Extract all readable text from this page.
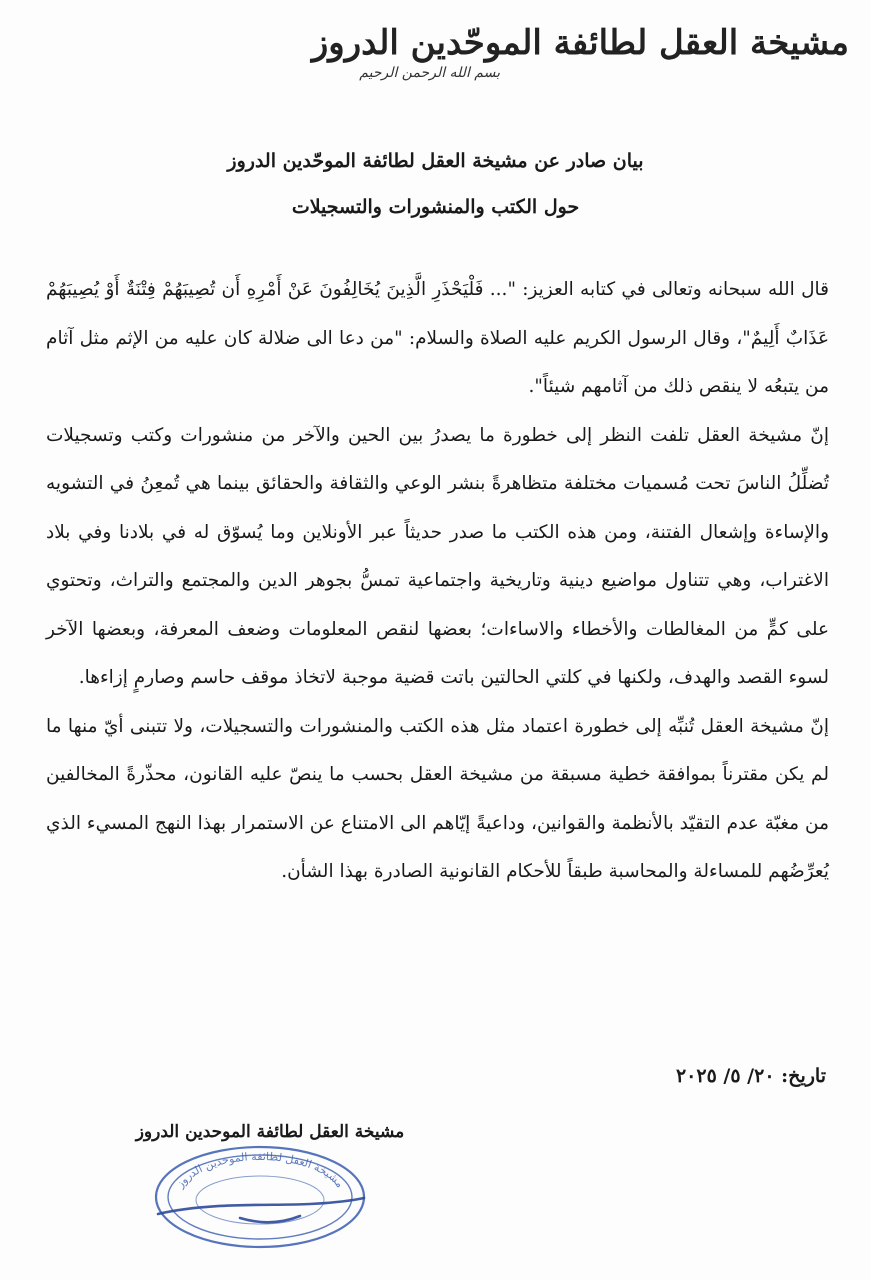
مشيخة العقل لطائفة الموحّدين الدروز
بسم الله الرحمن الرحيم
بيان صادر عن مشيخة العقل لطائفة الموحّدين الدروز
حول الكتب والمنشورات والتسجيلات

قال الله سبحانه وتعالى في كتابه العزيز: "... فَلْيَحْذَرِ الَّذِينَ يُخَالِفُونَ عَنْ أَمْرِهِ أَن تُصِيبَهُمْ فِتْنَةٌ أَوْ يُصِيبَهُمْ عَذَابٌ أَلِيمٌ"، وقال الرسول الكريم عليه الصلاة والسلام: "من دعا الى ضلالة كان عليه من الإثم مثل آثام من يتبعُه لا ينقص ذلك من آثامهم شيئاً".

إنّ مشيخة العقل تلفت النظر إلى خطورة ما يصدرُ بين الحين والآخر من منشورات وكتب وتسجيلات تُضلِّلُ الناسَ تحت مُسميات مختلفة متظاهرةً بنشر الوعي والثقافة والحقائق بينما هي تُمعِنُ في التشويه والإساءة وإشعال الفتنة، ومن هذه الكتب ما صدر حديثاً عبر الأونلاين وما يُسوّق له في بلادنا وفي بلاد الاغتراب، وهي تتناول مواضيع دينية وتاريخية واجتماعية تمسُّ بجوهر الدين والمجتمع والتراث، وتحتوي على كمٍّ من المغالطات والأخطاء والاساءات؛ بعضها لنقص المعلومات وضعف المعرفة، وبعضها الآخر لسوء القصد والهدف، ولكنها في كلتي الحالتين باتت قضية موجبة لاتخاذ موقف حاسم وصارمٍ إزاءها.

إنّ مشيخة العقل تُنبِّه إلى خطورة اعتماد مثل هذه الكتب والمنشورات والتسجيلات، ولا تتبنى أيّ منها ما لم يكن مقترناً بموافقة خطية مسبقة من مشيخة العقل بحسب ما ينصّ عليه القانون، محذّرةً المخالفين من مغبّة عدم التقيّد بالأنظمة والقوانين، وداعيةً إيّاهم الى الامتناع عن الاستمرار بهذا النهج المسيء الذي يُعرِّضُهم للمساءلة والمحاسبة طبقاً للأحكام القانونية الصادرة بهذا الشأن.

تاريخ: ٢٠/ ٥/ ٢٠٢٥
مشيخة العقل لطائفة الموحدين الدروز
مشيخة العقل لطائفة الموحدين الدروز
